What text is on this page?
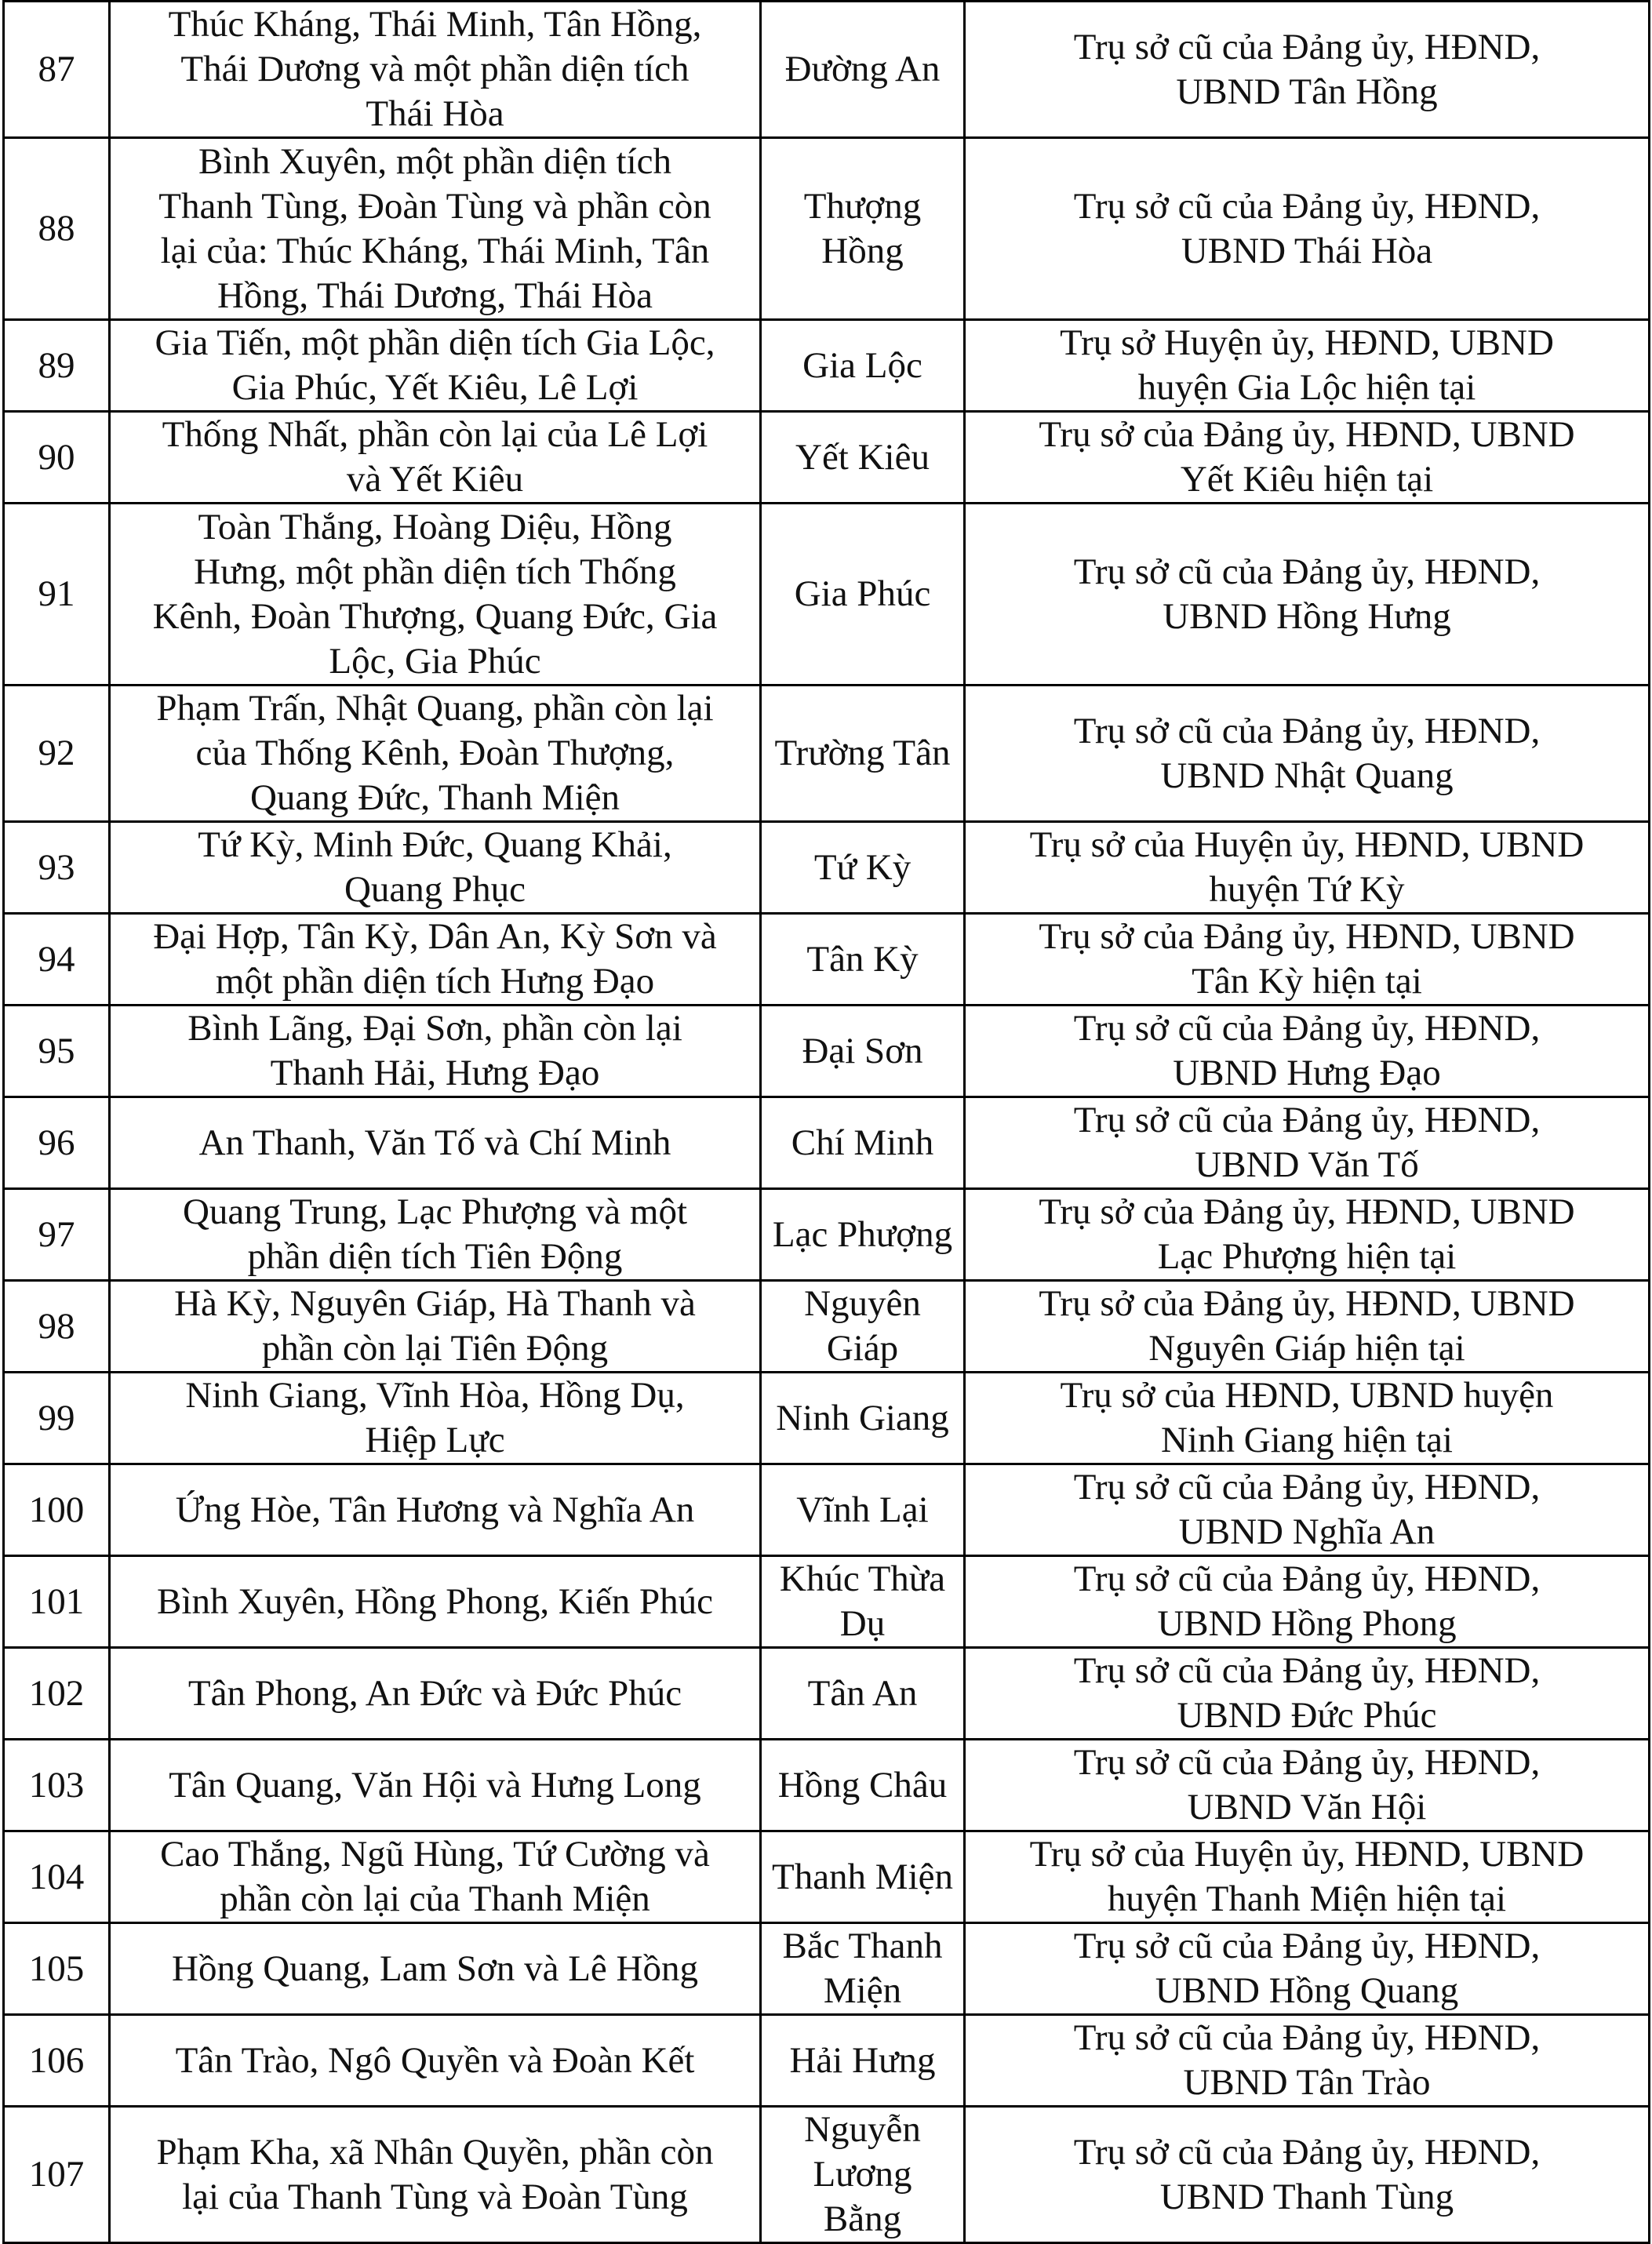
87	Thúc Kháng, Thái Minh, Tân Hồng,
Thái Dương và một phần diện tích
Thái Hòa	Đường An	Trụ sở cũ của Đảng ủy, HĐND,
UBND Tân Hồng
88	Bình Xuyên, một phần diện tích
Thanh Tùng, Đoàn Tùng và phần còn
lại của: Thúc Kháng, Thái Minh, Tân
Hồng, Thái Dương, Thái Hòa	Thượng
Hồng	Trụ sở cũ của Đảng ủy, HĐND,
UBND Thái Hòa
89	Gia Tiến, một phần diện tích Gia Lộc,
Gia Phúc, Yết Kiêu, Lê Lợi	Gia Lộc	Trụ sở Huyện ủy, HĐND, UBND
huyện Gia Lộc hiện tại
90	Thống Nhất, phần còn lại của Lê Lợi
và Yết Kiêu	Yết Kiêu	Trụ sở của Đảng ủy, HĐND, UBND
Yết Kiêu hiện tại
91	Toàn Thắng, Hoàng Diệu, Hồng
Hưng, một phần diện tích Thống
Kênh, Đoàn Thượng, Quang Đức, Gia
Lộc, Gia Phúc	Gia Phúc	Trụ sở cũ của Đảng ủy, HĐND,
UBND Hồng Hưng
92	Phạm Trấn, Nhật Quang, phần còn lại
của Thống Kênh, Đoàn Thượng,
Quang Đức, Thanh Miện	Trường Tân	Trụ sở cũ của Đảng ủy, HĐND,
UBND Nhật Quang
93	Tứ Kỳ, Minh Đức, Quang Khải,
Quang Phục	Tứ Kỳ	Trụ sở của Huyện ủy, HĐND, UBND
huyện Tứ Kỳ
94	Đại Hợp, Tân Kỳ, Dân An, Kỳ Sơn và
một phần diện tích Hưng Đạo	Tân Kỳ	Trụ sở của Đảng ủy, HĐND, UBND
Tân Kỳ hiện tại
95	Bình Lãng, Đại Sơn, phần còn lại
Thanh Hải, Hưng Đạo	Đại Sơn	Trụ sở cũ của Đảng ủy, HĐND,
UBND Hưng Đạo
96	An Thanh, Văn Tố và Chí Minh	Chí Minh	Trụ sở cũ của Đảng ủy, HĐND,
UBND Văn Tố
97	Quang Trung, Lạc Phượng và một
phần diện tích Tiên Động	Lạc Phượng	Trụ sở của Đảng ủy, HĐND, UBND
Lạc Phượng hiện tại
98	Hà Kỳ, Nguyên Giáp, Hà Thanh và
phần còn lại Tiên Động	Nguyên Giáp	Trụ sở của Đảng ủy, HĐND, UBND
Nguyên Giáp hiện tại
99	Ninh Giang, Vĩnh Hòa, Hồng Dụ,
Hiệp Lực	Ninh Giang	Trụ sở của HĐND, UBND huyện
Ninh Giang hiện tại
100	Ứng Hòe, Tân Hương và Nghĩa An	Vĩnh Lại	Trụ sở cũ của Đảng ủy, HĐND,
UBND Nghĩa An
101	Bình Xuyên, Hồng Phong, Kiến Phúc	Khúc Thừa
Dụ	Trụ sở cũ của Đảng ủy, HĐND,
UBND Hồng Phong
102	Tân Phong, An Đức và Đức Phúc	Tân An	Trụ sở cũ của Đảng ủy, HĐND,
UBND Đức Phúc
103	Tân Quang, Văn Hội và Hưng Long	Hồng Châu	Trụ sở cũ của Đảng ủy, HĐND,
UBND Văn Hội
104	Cao Thắng, Ngũ Hùng, Tứ Cường và
phần còn lại của Thanh Miện	Thanh Miện	Trụ sở của Huyện ủy, HĐND, UBND
huyện Thanh Miện hiện tại
105	Hồng Quang, Lam Sơn và Lê Hồng	Bắc Thanh
Miện	Trụ sở cũ của Đảng ủy, HĐND,
UBND Hồng Quang
106	Tân Trào, Ngô Quyền và Đoàn Kết	Hải Hưng	Trụ sở cũ của Đảng ủy, HĐND,
UBND Tân Trào
107	Phạm Kha, xã Nhân Quyền, phần còn
lại của Thanh Tùng và Đoàn Tùng	Nguyễn
Lương Bằng	Trụ sở cũ của Đảng ủy, HĐND,
UBND Thanh Tùng
